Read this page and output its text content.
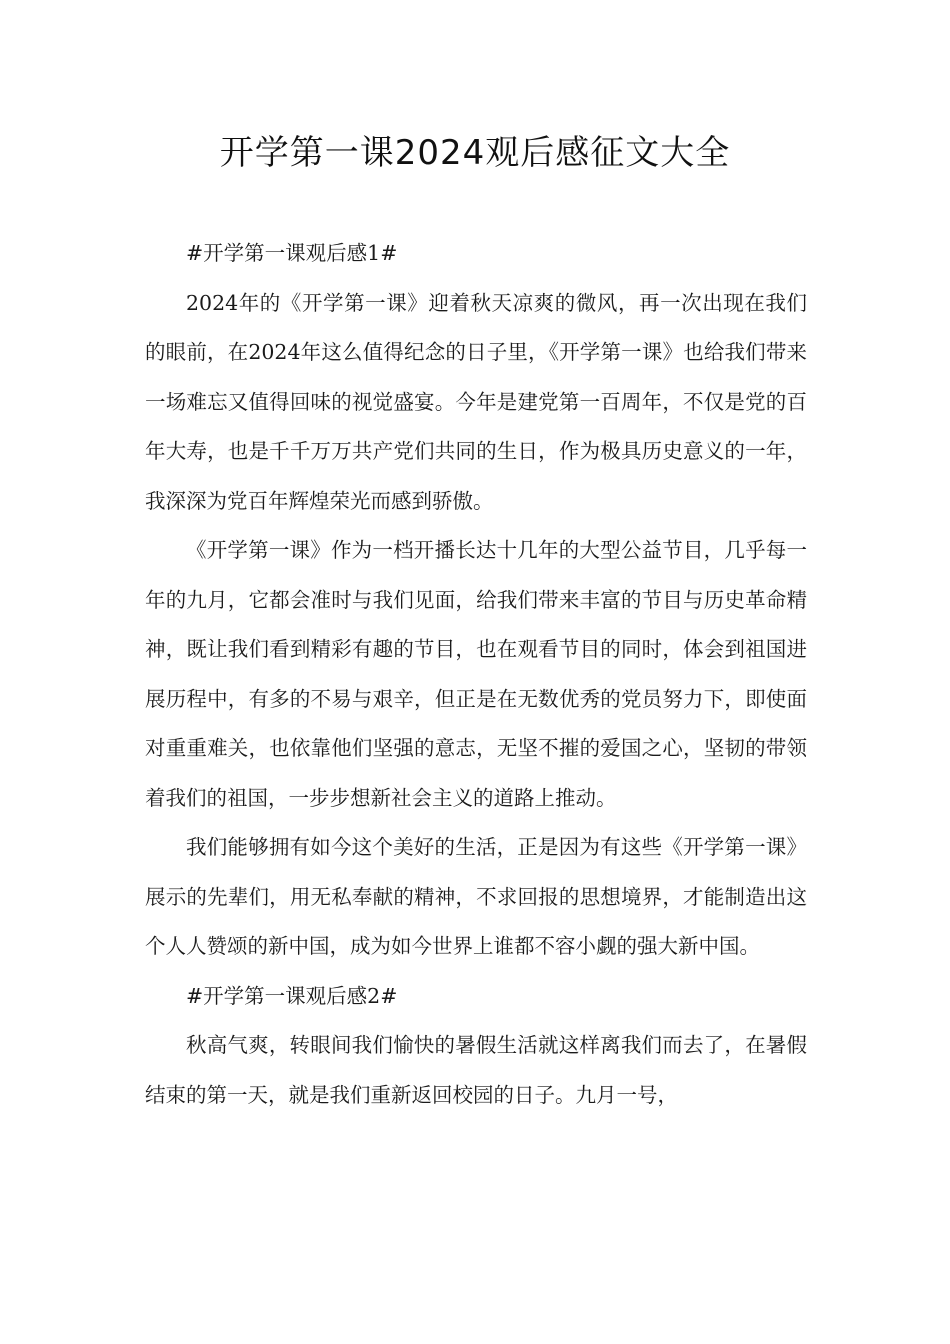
开学第一课2024观后感征文大全

#开学第一课观后感1#

2024年的《开学第一课》迎着秋天凉爽的微风，再一次出现在我们的眼前，在2024年这么值得纪念的日子里，《开学第一课》也给我们带来一场难忘又值得回味的视觉盛宴。今年是建党第一百周年，不仅是党的百年大寿，也是千千万万共产党们共同的生日，作为极具历史意义的一年，我深深为党百年辉煌荣光而感到骄傲。

《开学第一课》作为一档开播长达十几年的大型公益节目，几乎每一年的九月，它都会准时与我们见面，给我们带来丰富的节目与历史革命精神，既让我们看到精彩有趣的节目，也在观看节目的同时，体会到祖国进展历程中，有多的不易与艰辛，但正是在无数优秀的党员努力下，即使面对重重难关，也依靠他们坚强的意志，无坚不摧的爱国之心，坚韧的带领着我们的祖国，一步步想新社会主义的道路上推动。

我们能够拥有如今这个美好的生活，正是因为有这些《开学第一课》展示的先辈们，用无私奉献的精神，不求回报的思想境界，才能制造出这个人人赞颂的新中国，成为如今世界上谁都不容小觑的强大新中国。

#开学第一课观后感2#

秋高气爽，转眼间我们愉快的暑假生活就这样离我们而去了，在暑假结束的第一天，就是我们重新返回校园的日子。九月一号，
